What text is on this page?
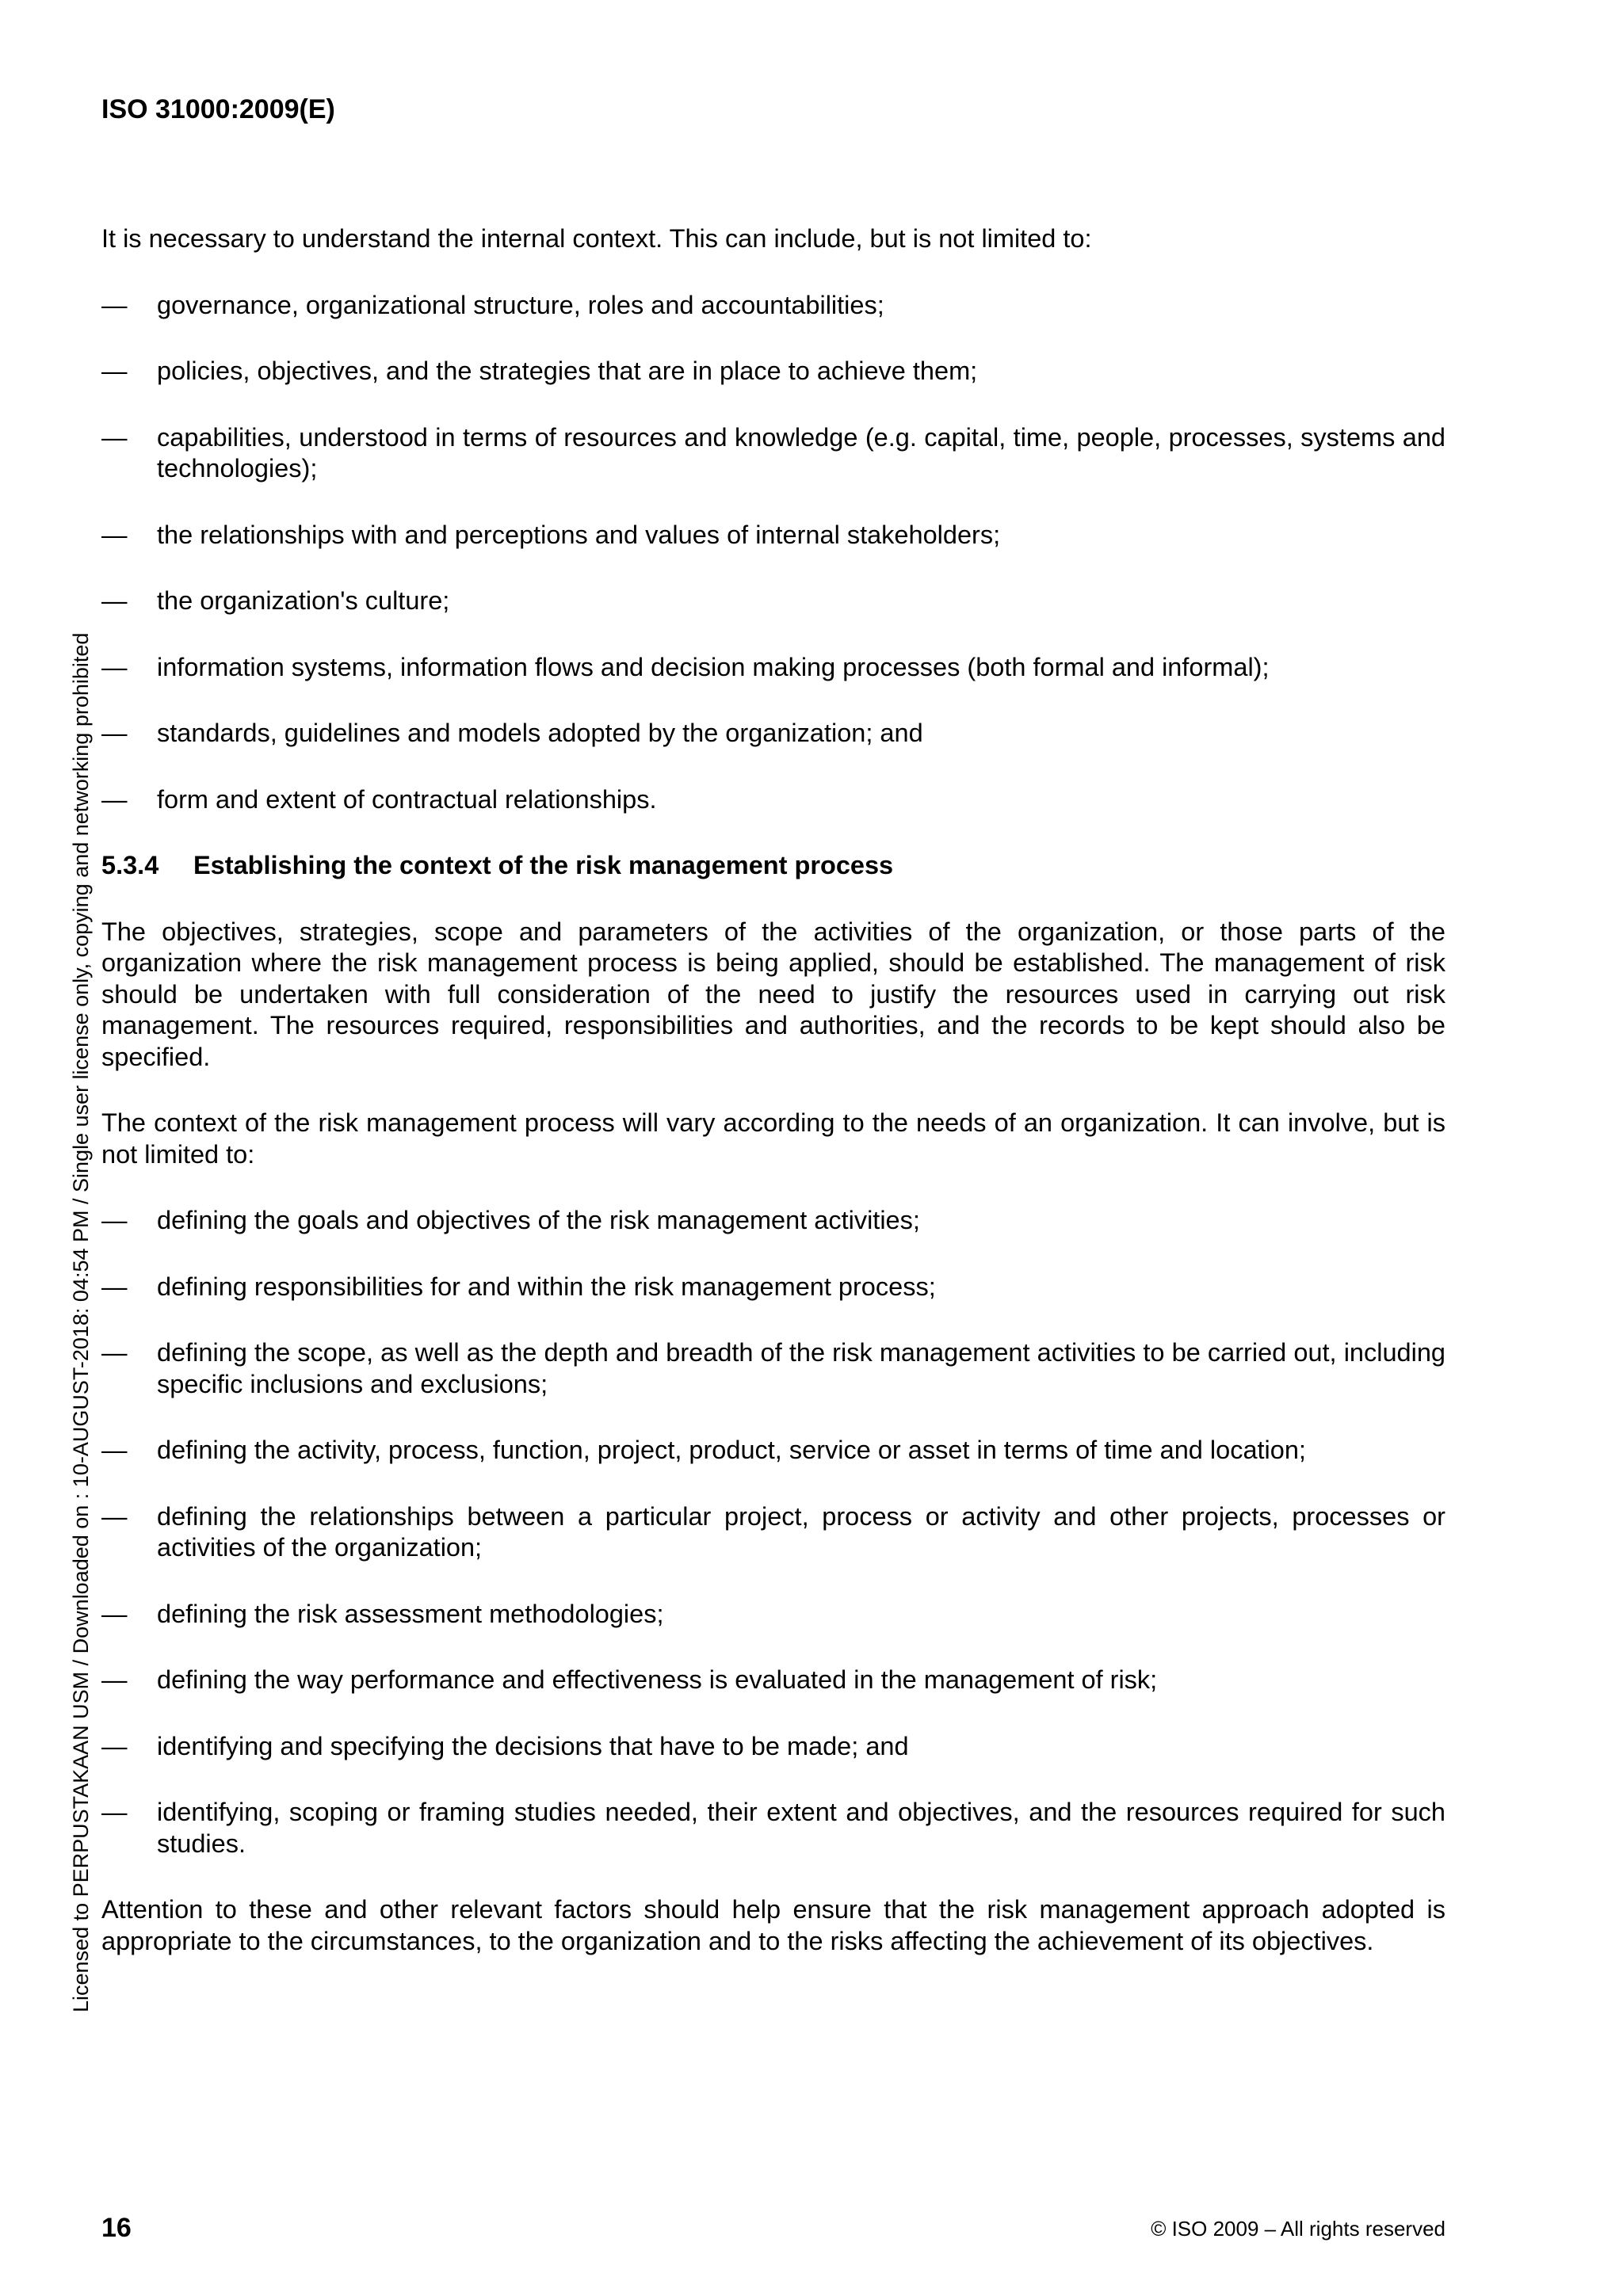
ISO 31000:2009(E)
Licensed to PERPUSTAKAAN USM / Downloaded on : 10-AUGUST-2018: 04:54 PM / Single user license only, copying and networking prohibited

It is necessary to understand the internal context. This can include, but is not limited to:

—	governance, organizational structure, roles and accountabilities;
—	policies, objectives, and the strategies that are in place to achieve them;
—	capabilities, understood in terms of resources and knowledge (e.g. capital, time, people, processes, systems and technologies);
—	the relationships with and perceptions and values of internal stakeholders;
—	the organization's culture;
—	information systems, information flows and decision making processes (both formal and informal);
—	standards, guidelines and models adopted by the organization; and
—	form and extent of contractual relationships.
5.3.4 Establishing the context of the risk management process

The objectives, strategies, scope and parameters of the activities of the organization, or those parts of the organization where the risk management process is being applied, should be established. The management of risk should be undertaken with full consideration of the need to justify the resources used in carrying out risk management. The resources required, responsibilities and authorities, and the records to be kept should also be specified.

The context of the risk management process will vary according to the needs of an organization. It can involve, but is not limited to:

—	defining the goals and objectives of the risk management activities;
—	defining responsibilities for and within the risk management process;
—	defining the scope, as well as the depth and breadth of the risk management activities to be carried out, including specific inclusions and exclusions;
—	defining the activity, process, function, project, product, service or asset in terms of time and location;
—	defining the relationships between a particular project, process or activity and other projects, processes or activities of the organization;
—	defining the risk assessment methodologies;
—	defining the way performance and effectiveness is evaluated in the management of risk;
—	identifying and specifying the decisions that have to be made; and
—	identifying, scoping or framing studies needed, their extent and objectives, and the resources required for such studies.

Attention to these and other relevant factors should help ensure that the risk management approach adopted is appropriate to the circumstances, to the organization and to the risks affecting the achievement of its objectives.

16	© ISO 2009 – All rights reserved
